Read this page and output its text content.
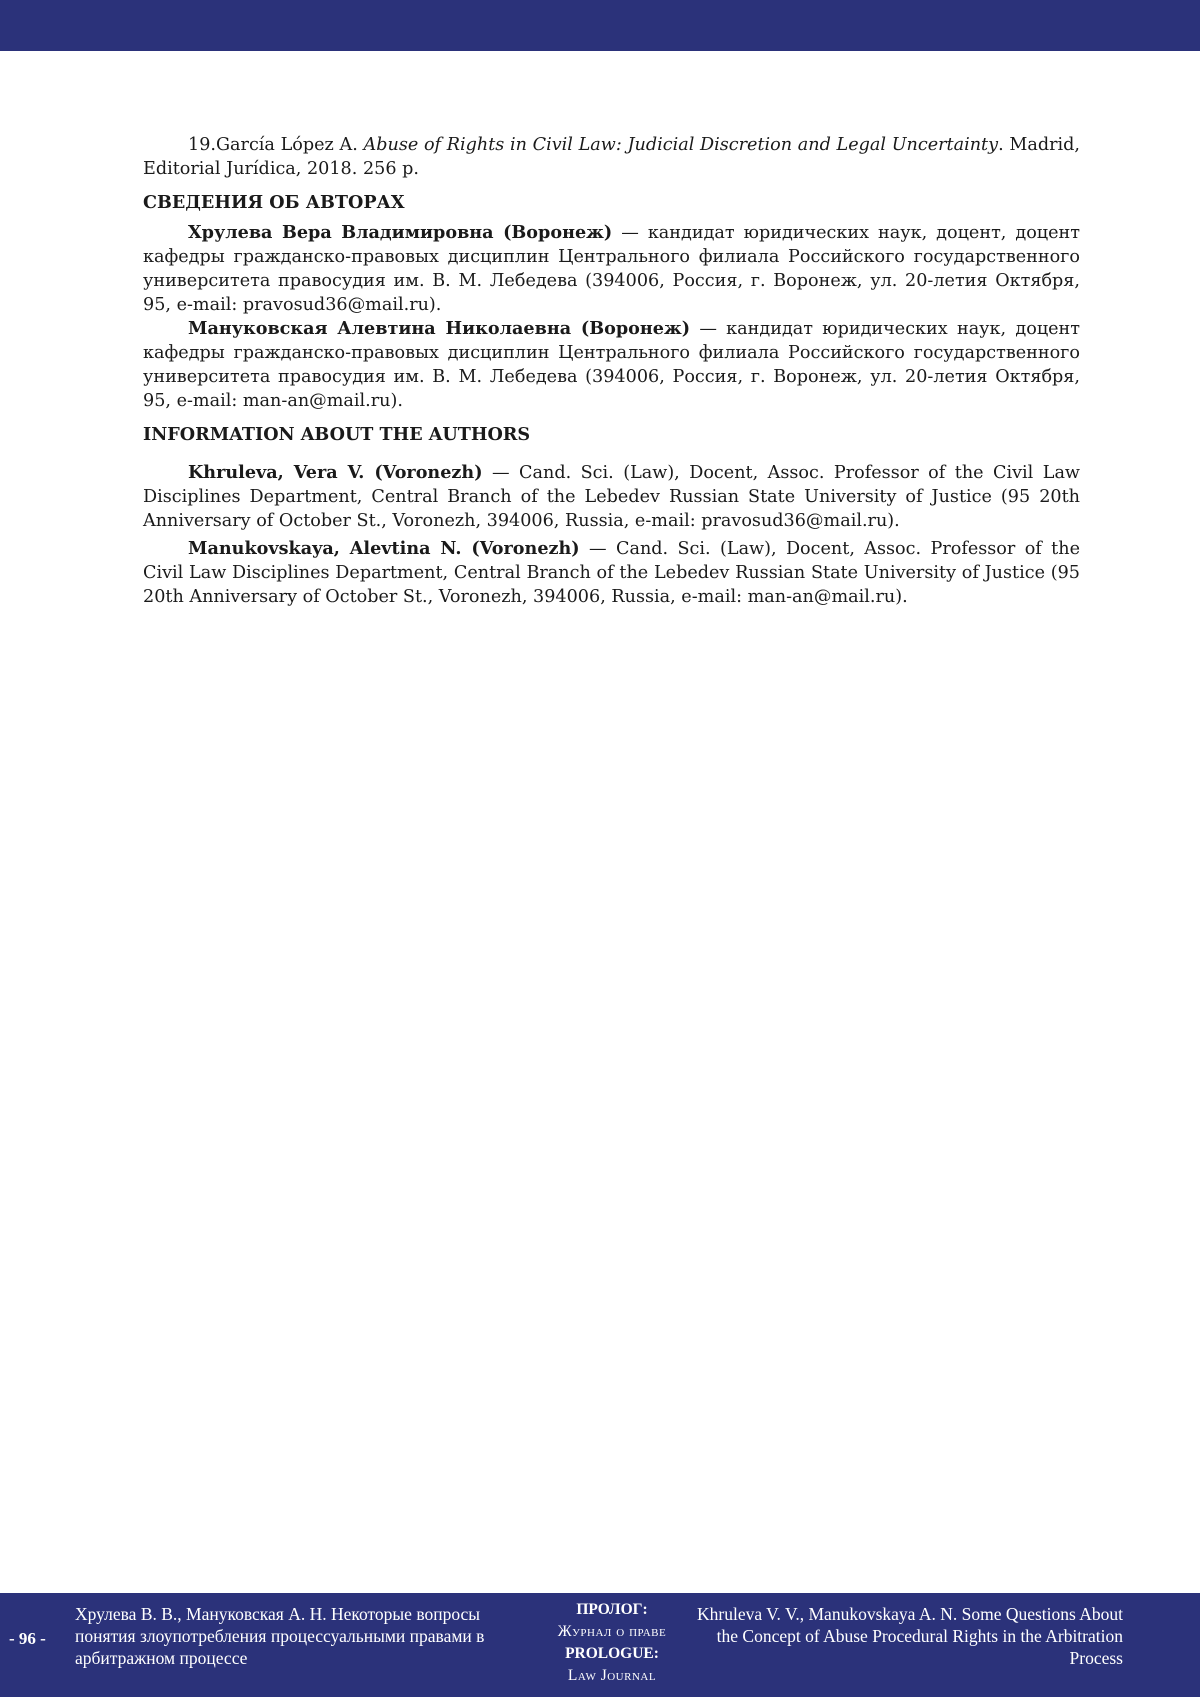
19.García López A. Abuse of Rights in Civil Law: Judicial Discretion and Legal Uncertainty. Madrid, Editorial Jurídica, 2018. 256 p.

СВЕДЕНИЯ ОБ АВТОРАХ

Хрулева Вера Владимировна (Воронеж) — кандидат юридических наук, доцент, доцент кафедры гражданско-правовых дисциплин Центрального филиала Российского государственного университета правосудия им. В. М. Лебедева (394006, Россия, г. Воронеж, ул. 20-летия Октября, 95, e-mail: pravosud36@mail.ru).

Мануковская Алевтина Николаевна (Воронеж) — кандидат юридических наук, доцент кафедры гражданско-правовых дисциплин Центрального филиала Российского государственного университета правосудия им. В. М. Лебедева (394006, Россия, г. Воронеж, ул. 20-летия Октября, 95, e-mail: man-an@mail.ru).

INFORMATION ABOUT THE AUTHORS

Khruleva, Vera V. (Voronezh) — Cand. Sci. (Law), Docent, Assoc. Professor of the Civil Law Disciplines Department, Central Branch of the Lebedev Russian State University of Justice (95 20th Anniversary of October St., Voronezh, 394006, Russia, e-mail: pravosud36@mail.ru).

Manukovskaya, Alevtina N. (Voronezh) — Cand. Sci. (Law), Docent, Assoc. Professor of the Civil Law Disciplines Department, Central Branch of the Lebedev Russian State University of Justice (95 20th Anniversary of October St., Voronezh, 394006, Russia, e-mail: man-an@mail.ru).

- 96 -
Хрулева В. В., Мануковская А. Н. Некоторые вопросы понятия злоупотребления процессуальными правами в арбитражном процессе
ПРОЛОГ:
Журнал о праве
PROLOGUE:
Law Journal
Khruleva V. V., Manukovskaya A. N. Some Questions About the Concept of Abuse Procedural Rights in the Arbitration Process
